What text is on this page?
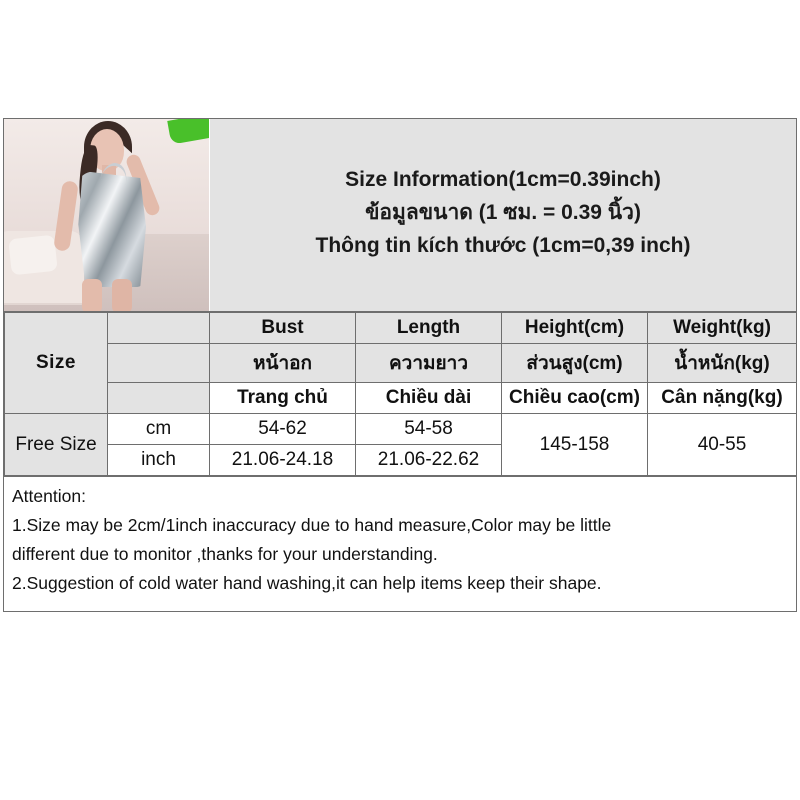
Size Information(1cm=0.39inch)
ข้อมูลขนาด (1 ซม. = 0.39 นิ้ว)
Thông tin kích thước (1cm=0,39 inch)
Size		Bust	Length	Height(cm)	Weight(kg)
		หน้าอก	ความยาว	ส่วนสูง(cm)	น้ำหนัก(kg)
		Trang chủ	Chiều dài	Chiều cao(cm)	Cân nặng(kg)
Free Size	cm	54-62	54-58	145-158	40-55
	inch	21.06-24.18	21.06-22.62		

Attention:

1.Size may be 2cm/1inch inaccuracy due to hand measure,Color may be little

different due to monitor ,thanks for your understanding.

2.Suggestion of cold water hand washing,it can help items keep their shape.
